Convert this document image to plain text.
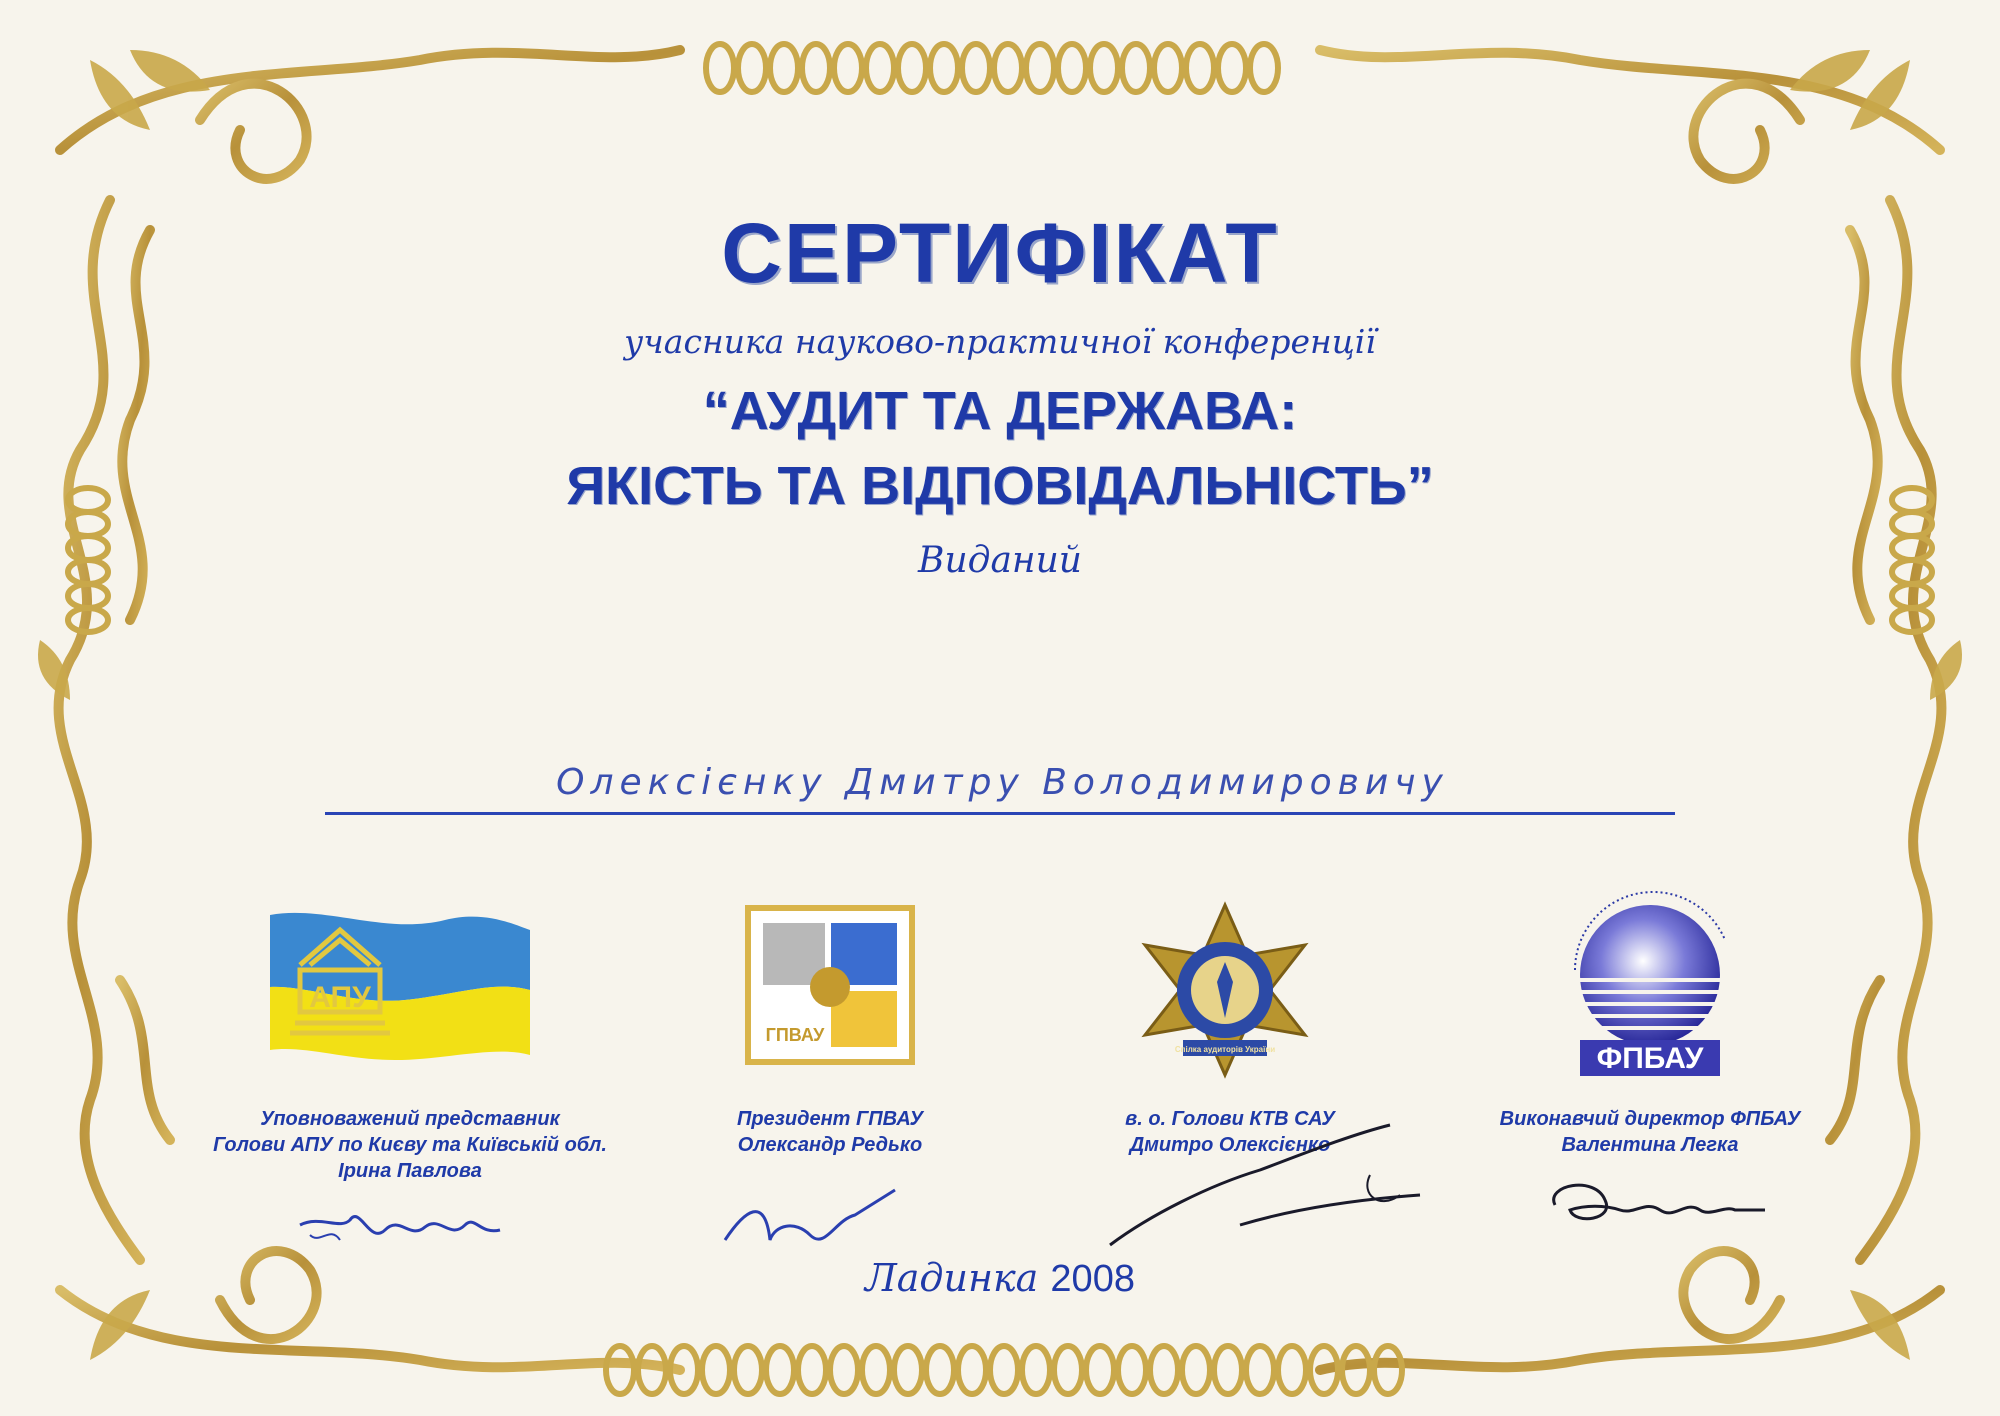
СЕРТИФІКАТ
учасника науково-практичної конференції
“АУДИТ ТА ДЕРЖАВА:
ЯКІСТЬ ТА ВІДПОВІДАЛЬНІСТЬ”
Виданий
Олексієнку Дмитру Володимировичу
АПУ
ГПВАУ
Спілка аудиторів України	ФПБАУ
Уповноважений представник
Голови АПУ по Києву та Київській обл.
Ірина Павлова
Президент ГПВАУ
Олександр Редько
в. о. Голови КТВ САУ
Дмитро Олексієнко
Виконавчий директор ФПБАУ
Валентина Легка
Ладинка 2008
